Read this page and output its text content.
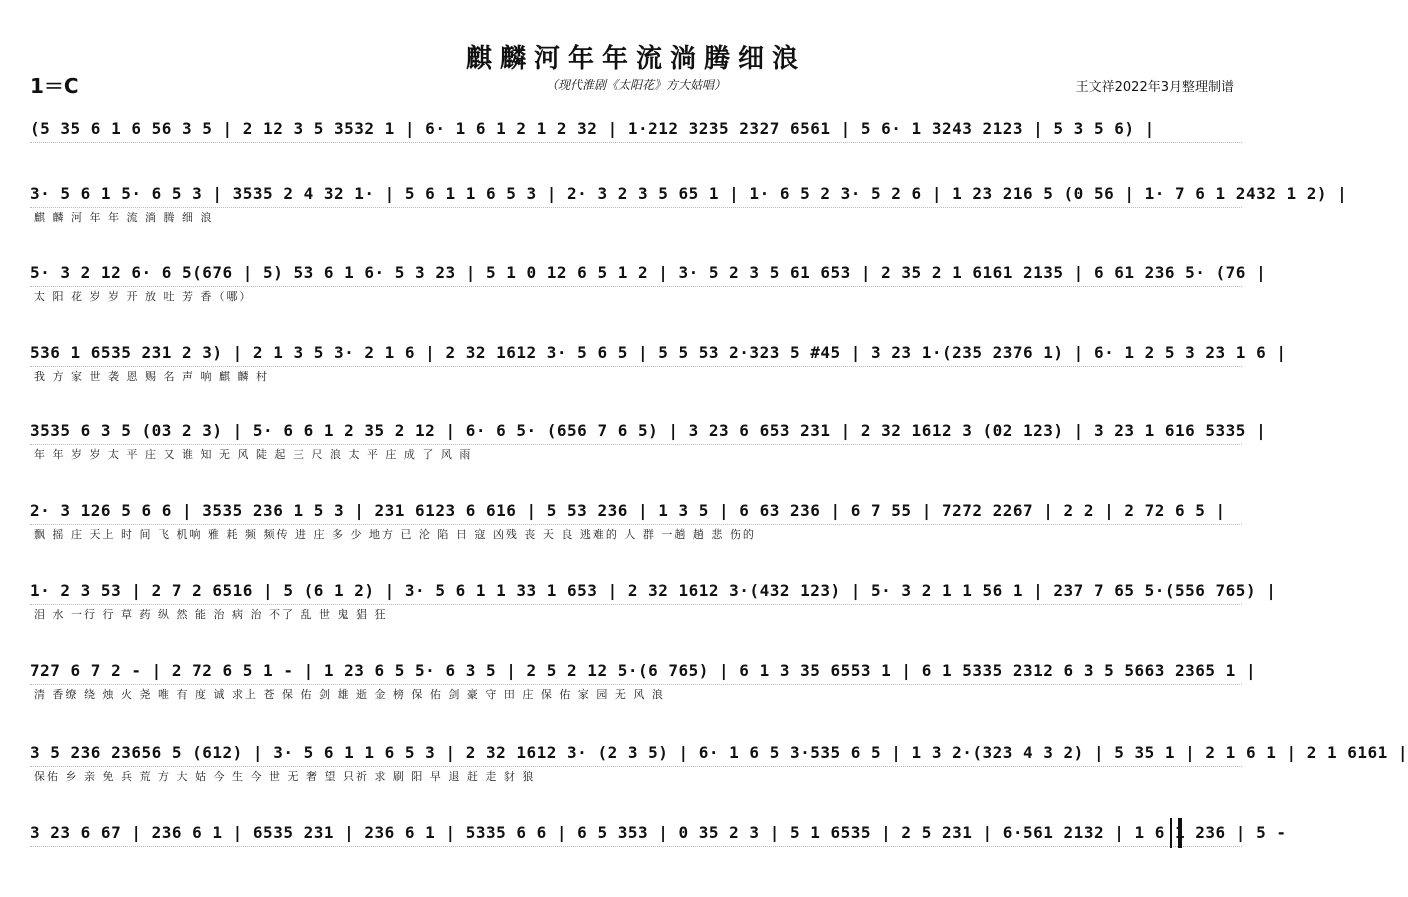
1＝C
麒麟河年年流淌腾细浪
（现代淮剧《太阳花》方大姑唱）	王文祥2022年3月整理制谱
(5 35 6 1 6 56 3 5 | 2 12 3 5 3532 1 | 6· 1 6 1 2 1 2 32 | 1·212 3235 2327 6561 | 5 6· 1 3243 2123 | 5 3 5 6) |
3· 5 6 1 5· 6 5 3 | 3535 2 4 32 1· | 5 6 1 1 6 5 3 | 2· 3 2 3 5 65 1 | 1· 6 5 2 3· 5 2 6 | 1 23 216 5 (0 56 | 1· 7 6 1 2432 1 2) |
麒 麟 河 年 年 流 淌 腾 细 浪
5· 3 2 12 6· 6 5(676 | 5) 53 6 1 6· 5 3 23 | 5 1 0 12 6 5 1 2 | 3· 5 2 3 5 61 653 | 2 35 2 1 6161 2135 | 6 61 236 5· (76 |
太 阳 花 岁 岁 开 放 吐 芳 香（哪）
536 1 6535 231 2 3) | 2 1 3 5 3· 2 1 6 | 2 32 1612 3· 5 6 5 | 5 5 53 2·323 5 #45 | 3 23 1·(235 2376 1) | 6· 1 2 5 3 23 1 6 |
我 方 家 世 袭 恩 赐 名 声 响 麒 麟 村
3535 6 3 5 (03 2 3) | 5· 6 6 1 2 35 2 12 | 6· 6 5· (656 7 6 5) | 3 23 6 653 231 | 2 32 1612 3 (02 123) | 3 23 1 616 5335 |
年 年 岁 岁 太 平 庄 又 谁 知 无 风 陡 起 三 尺 浪 太 平 庄 成 了 风 雨
2· 3 126 5 6 6 | 3535 236 1 5 3 | 231 6123 6 616 | 5 53 236 | 1 3 5 | 6 63 236 | 6 7 55 | 7272 2267 | 2 2 | 2 72 6 5 |
飘 摇 庄 天上 时 间 飞 机响 雅 耗 频 频传 进 庄 多 少 地方 已 沦 陷 日 寇 凶残 丧 天 良 逃难的 人 群 一趟 趟 悲 伤的
1· 2 3 53 | 2 7 2 6516 | 5 (6 1 2) | 3· 5 6 1 1 33 1 653 | 2 32 1612 3·(432 123) | 5· 3 2 1 1 56 1 | 237 7 65 5·(556 765) |
泪 水 一行 行 草 药 纵 然 能 治 病 治 不了 乱 世 鬼 猖 狂
727 6 7 2 - | 2 72 6 5 1 - | 1 23 6 5 5· 6 3 5 | 2 5 2 12 5·(6 765) | 6 1 3 35 6553 1 | 6 1 5335 2312 6 3 5 5663 2365 1 |
清 香缭 绕 烛 火 尧 唯 有 度 诚 求上 苍 保 佑 剑 雄 逝 金 榜 保 佑 剑 豪 守 田 庄 保 佑 家 园 无 风 浪
3 5 236 23656 5 (612) | 3· 5 6 1 1 6 5 3 | 2 32 1612 3· (2 3 5) | 6· 1 6 5 3·535 6 5 | 1 3 2·(323 4 3 2) | 5 35 1 | 2 1 6 1 | 2 1 6161 |
保佑 乡 亲 免 兵 荒 方 大 姑 今 生 今 世 无 奢 望 只祈 求 刷 阳 早 退 赶 走 豺 狼
3 23 6 67 | 236 6 1 | 6535 231 | 236 6 1 | 5335 6 6 | 6 5 353 | 0 35 2 3 | 5 1 6535 | 2 5 231 | 6·561 2132 | 1 6 1 236 | 5 -
